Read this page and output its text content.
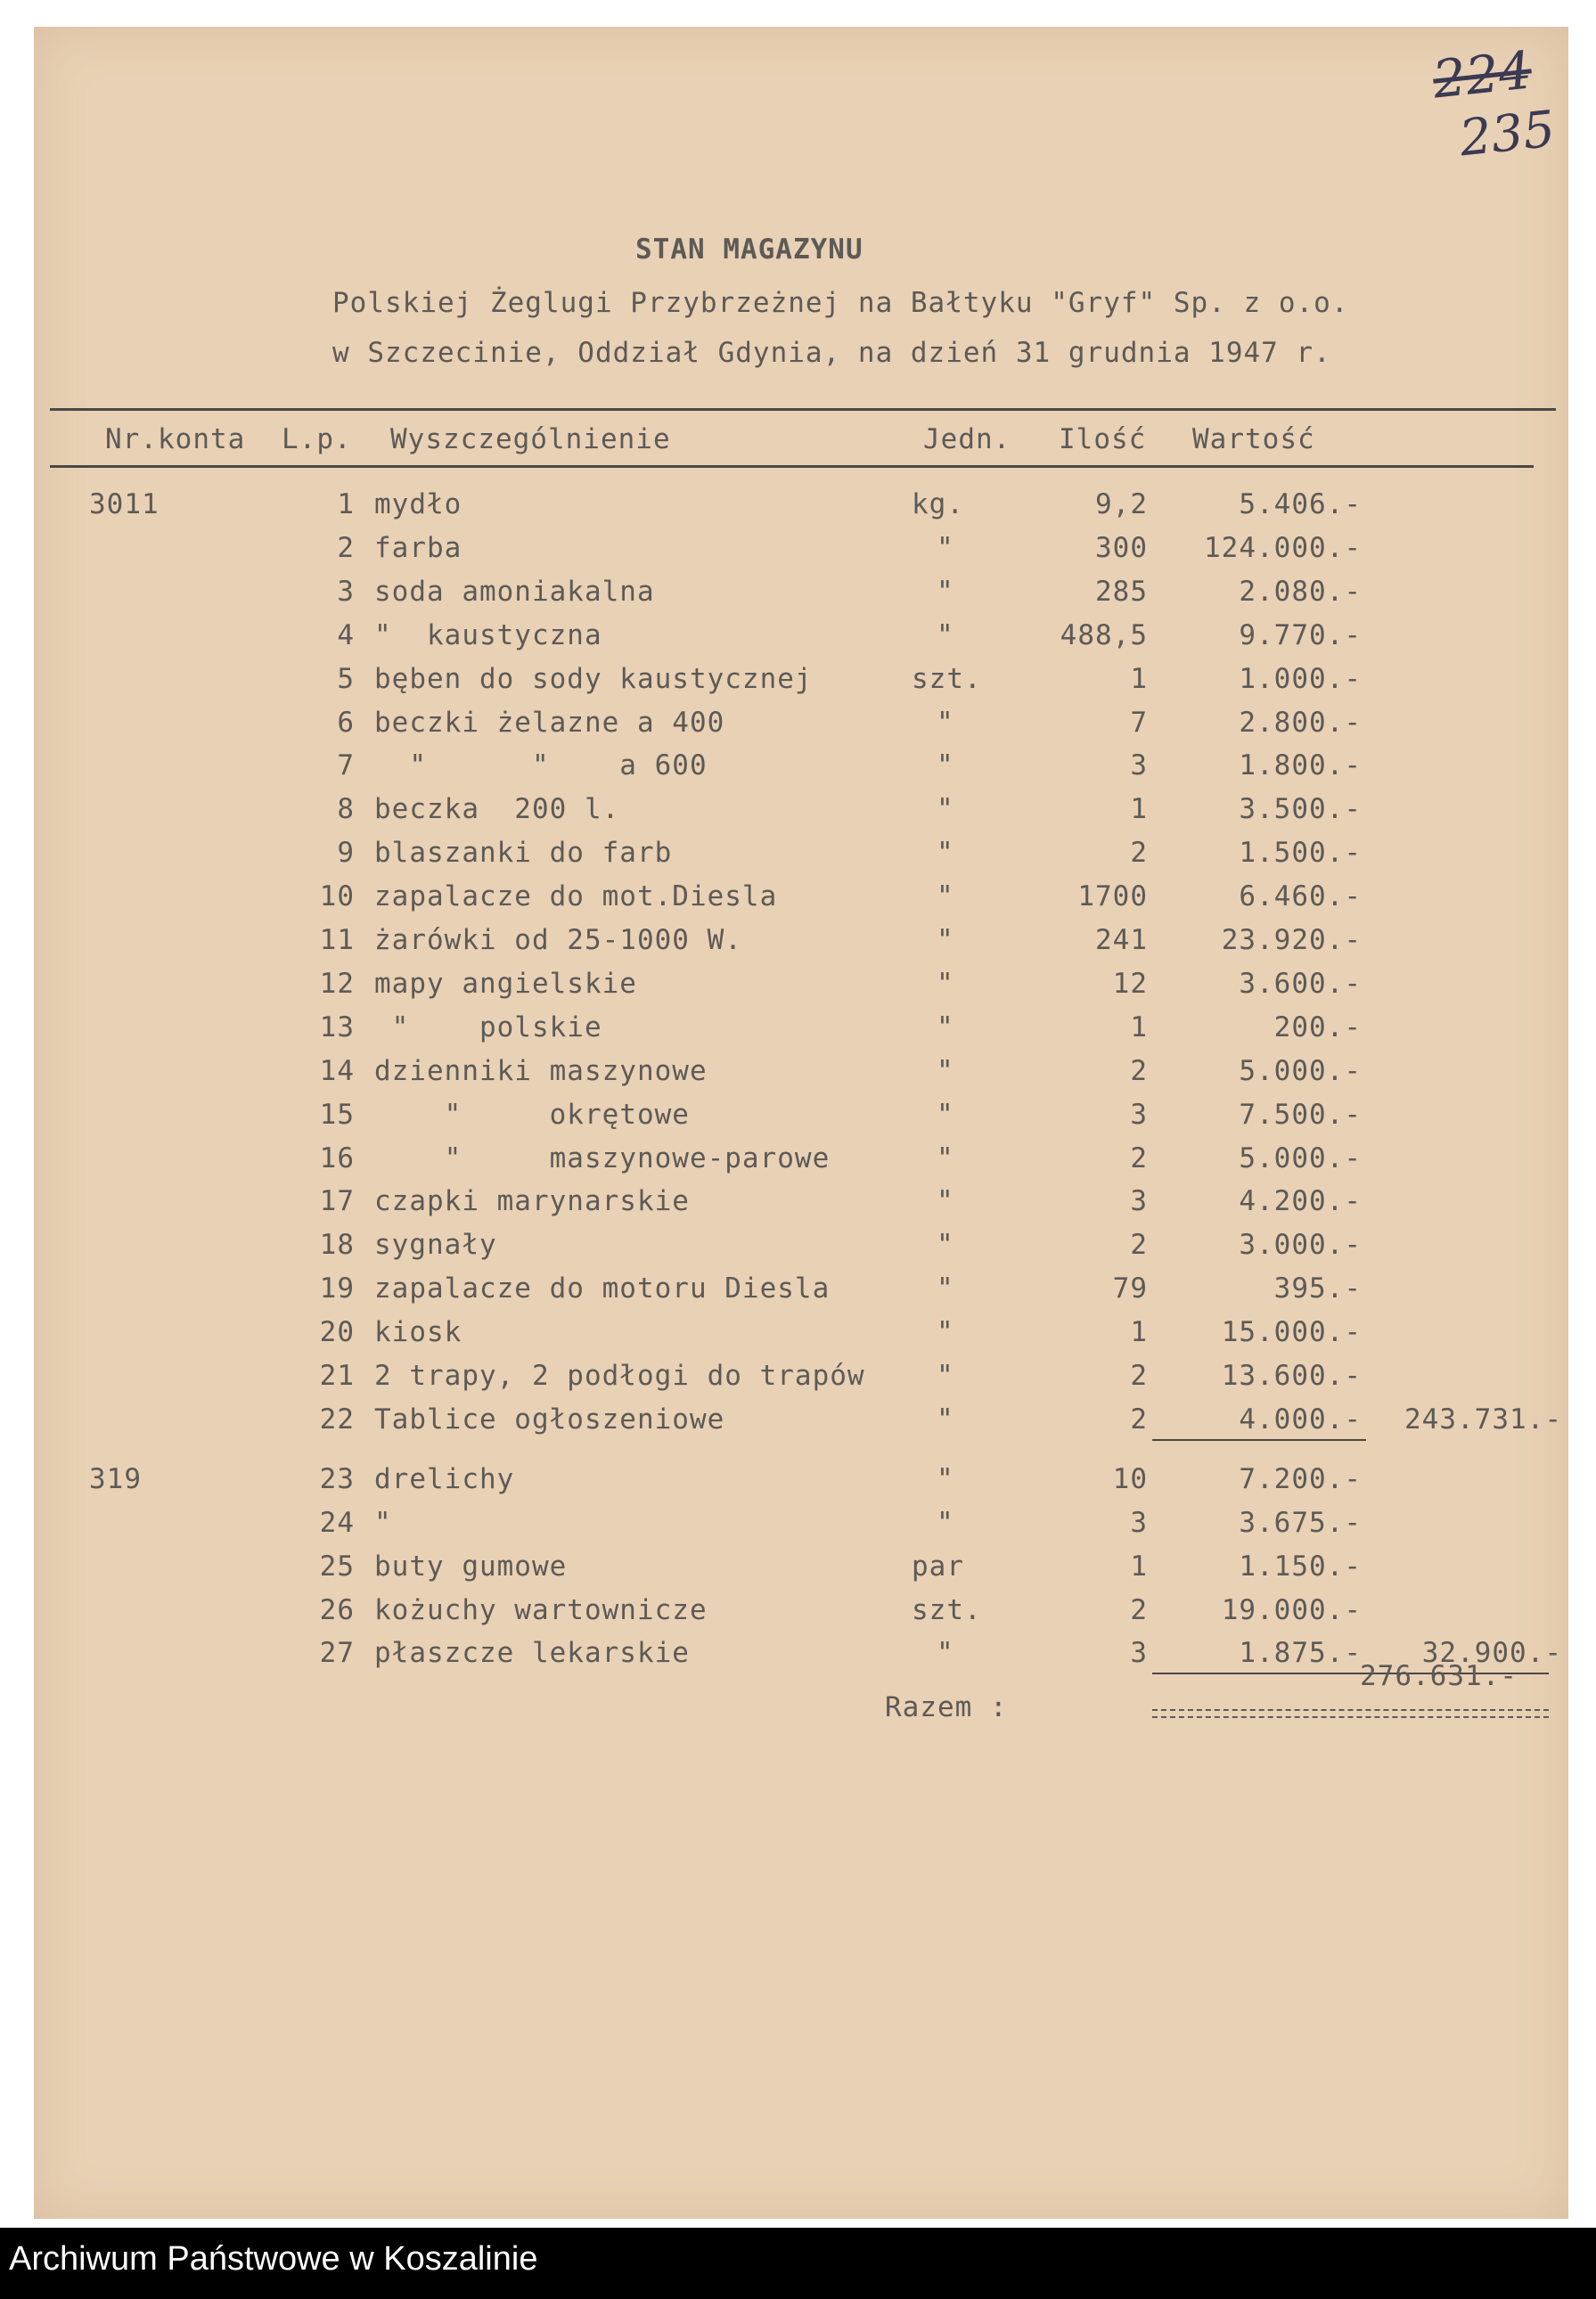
224
235
STAN MAGAZYNU
Polskiej Żeglugi Przybrzeżnej na Bałtyku "Gryf" Sp. z o.o.
w Szczecinie, Oddział Gdynia, na dzień 31 grudnia 1947 r.
Nr.konta L.p. Wyszczególnienie	Jedn. Ilość Wartość
3011	1 mydło	kg.	9,2	5.406.-
2 farba	"	300	124.000.-
3 soda amoniakalna	"	285	2.080.-
4 "  kaustyczna	"	488,5	9.770.-
5 bęben do sody kaustycznej	szt.	1	1.000.-
6 beczki żelazne a 400	"	7	2.800.-
7 "      "    a 600	"	3	1.800.-
8 beczka  200 l.	"	1	3.500.-
9 blaszanki do farb	"	2	1.500.-
10 zapalacze do mot.Diesla	"	1700	6.460.-
11 żarówki od 25-1000 W.	"	241	23.920.-
12 mapy angielskie	"	12	3.600.-
13 "    polskie	"	1	200.-
14 dzienniki maszynowe	"	2	5.000.-
15 "     okrętowe	"	3	7.500.-
16 "     maszynowe-parowe	"	2	5.000.-
17 czapki marynarskie	"	3	4.200.-
18 sygnały	"	2	3.000.-
19 zapalacze do motoru Diesla	"	79	395.-
20 kiosk	"	1	15.000.-
21 2 trapy, 2 podłogi do trapów	"	2	13.600.-
22 Tablice ogłoszeniowe	"	2	4.000.-	243.731.-
319	23 drelichy	"	10	7.200.-
24 "	"	3	3.675.-
25 buty gumowe	par	1	1.150.-
26 kożuchy wartownicze	szt.	2	19.000.-
27 płaszcze lekarskie	"	3	1.875.-	32.900.-
Razem :
276.631.-
Archiwum Państwowe w Koszalinie
